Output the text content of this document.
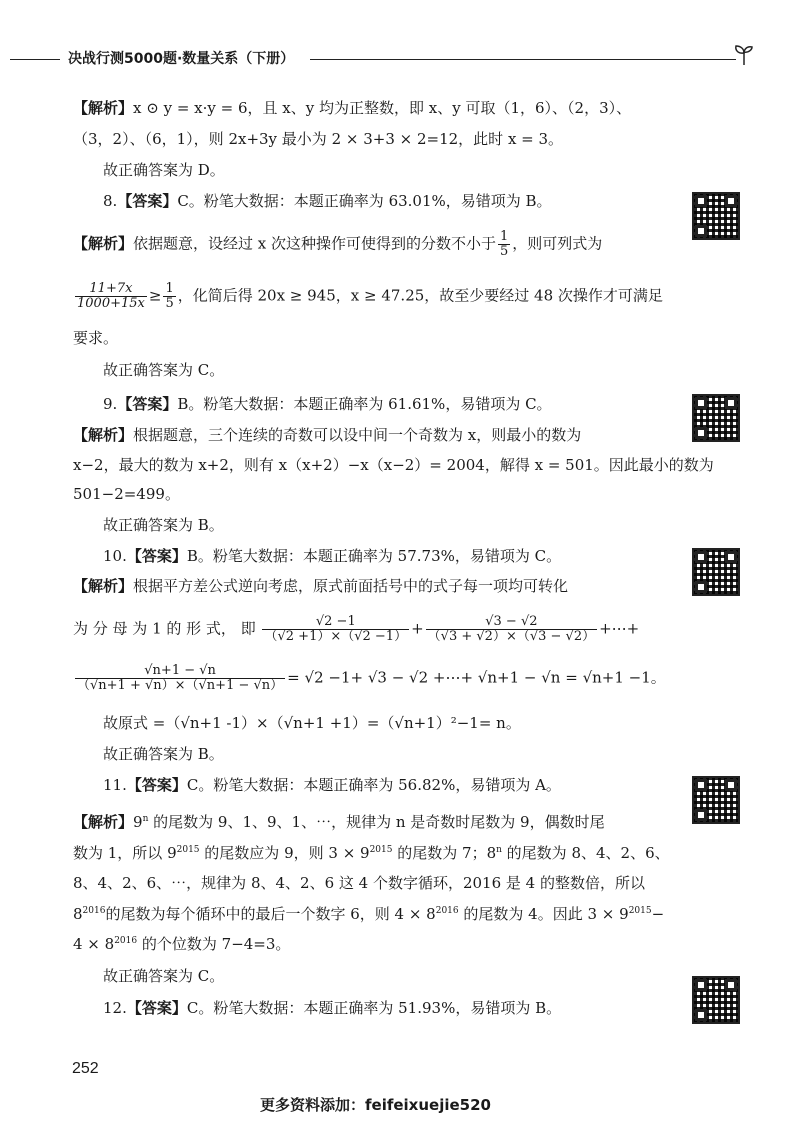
决战行测5000题·数量关系（下册）
【解析】x ⊙ y = x·y = 6，且 x、y 均为正整数，即 x、y 可取（1，6）、（2，3）、
（3，2）、（6，1），则 2x+3y 最小为 2 × 3+3 × 2=12，此时 x = 3。
故正确答案为 D。
8.【答案】C。粉笔大数据：本题正确率为 63.01%，易错项为 B。
【解析】依据题意，设经过 x 次这种操作可使得到的分数不小于 $\frac{1}{5}$ ，则可列式为
$\frac{11+7x}{1000+15x} \ge \frac{1}{5}$ ，化简后得 20x ≥ 945，x ≥ 47.25，故至少要经过 48 次操作才可满足
要求。
故正确答案为 C。
9.【答案】B。粉笔大数据：本题正确率为 61.61%，易错项为 C。
【解析】根据题意，三个连续的奇数可以设中间一个奇数为 x，则最小的数为
x−2，最大的数为 x+2，则有 x（x+2）−x（x−2）= 2004，解得 x = 501。因此最小的数为
501−2=499。
故正确答案为 B。
10.【答案】B。粉笔大数据：本题正确率为 57.73%，易错项为 C。
【解析】根据平方差公式逆向考虑，原式前面括号中的式子每一项均可转化
为 分 母 为 1 的 形 式， 即 $\frac{√2 -1}{(√2 +1)\times(√2 -1)} + \frac{√3 - √2}{(√3 + √2)\times(√3 - √2)}$ +⋯+
$\frac{√n+1 - √n}{(√n+1 + √n)\times(√n+1 - √n)} = √2 -1+ √3 - √2$ +⋯+ √n+1 − √n = √n+1 −1。
故原式 =（√n+1 -1）×（√n+1 +1）=（√n+1）²−1= n。
故正确答案为 B。
11.【答案】C。粉笔大数据：本题正确率为 56.82%，易错项为 A。
【解析】9$^n$ 的尾数为 9、1、9、1、⋯，规律为 n 是奇数时尾数为 9，偶数时尾
数为 1，所以 $9^{2015}$ 的尾数应为 9，则 $3 \times 9^{2015}$ 的尾数为 7；8$^n$ 的尾数为 8、4、2、6、
8、4、2、6、⋯，规律为 8、4、2、6 这 4 个数字循环，2016 是 4 的整数倍，所以
$8^{2016}$的尾数为每个循环中的最后一个数字 6，则 $4 \times 8^{2016}$ 的尾数为 4。因此 $3 \times 9^{2015}-$
$4 \times 8^{2016}$ 的个位数为 7−4=3。
故正确答案为 C。
12.【答案】C。粉笔大数据：本题正确率为 51.93%，易错项为 B。
252
更多资料添加：feifeixuejie520
